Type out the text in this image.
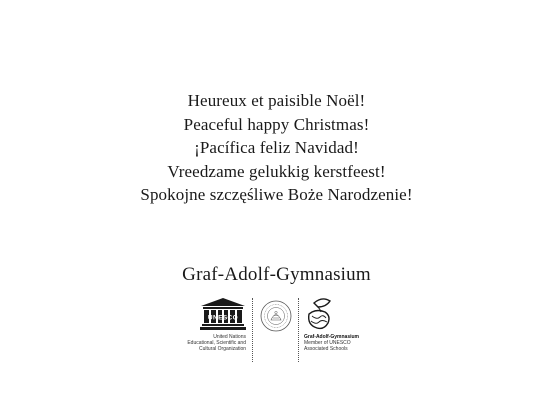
Heureux et paisible Noël!
Peaceful happy Christmas!
¡Pacífica feliz Navidad!
Vreedzame gelukkig kerstfeest!
Spokojne szczęśliwe Boże Narodzenie!
Graf-Adolf-Gymnasium
UNESCO
United Nations
Educational, Scientific and
Cultural Organization
Graf-Adolf-Gymnasium
Member of UNESCO
Associated Schools
